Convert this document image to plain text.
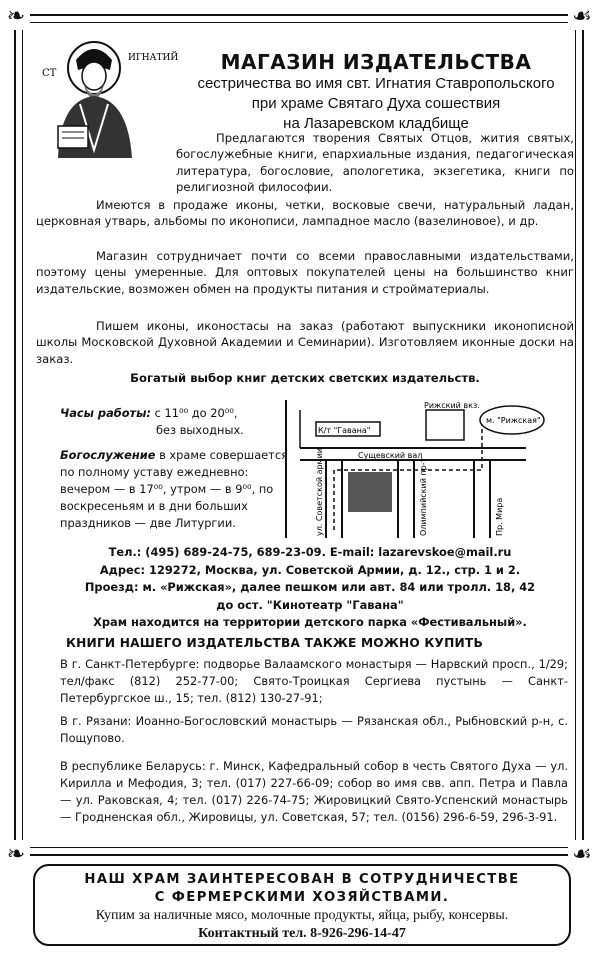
❧	☙
❧	☙
СТ
ИГНАТИЙ	МАГАЗИН ИЗДАТЕЛЬСТВА
сестричества во имя свт. Игнатия Ставропольского
при храме Святаго Духа сошествия
на Лазаревском кладбище

Предлагаются творения Святых Отцов, жития святых, богослужебные книги, епархиальные издания, педагогическая литература, богословие, апологетика, экзегетика, книги по религиозной философии.

Имеются в продаже иконы, четки, восковые свечи, натуральный ладан, церковная утварь, альбомы по иконописи, лампадное масло (вазелиновое), и др.

Магазин сотрудничает почти со всеми православными издательствами, поэтому цены умеренные. Для оптовых покупателей цены на большинство книг издательские, возможен обмен на продукты питания и стройматериалы.

Пишем иконы, иконостасы на заказ (работают выпускники иконописной школы Московской Духовной Академии и Семинарии). Изготовляем иконные доски на заказ.

Богатый выбор книг детских светских издательств.
Часы работы: с 11⁰⁰ до 20⁰⁰,
без выходных.
Богослужение в храме совершается по полному уставу ежедневно: вечером — в 17⁰⁰, утром — в 9⁰⁰, по воскресеньям и в дни больших праздников — две Литургии.
К/т "Гавана"
Рижский вкз.
м. "Рижская"
Сущевский вал
ул. Советской армии	Олимпийский пр-т	Пр. Мира
Тел.: (495) 689-24-75, 689-23-09. E-mail: lazarevskoe@mail.ru
Адрес: 129272, Москва, ул. Советской Армии, д. 12., стр. 1 и 2.
Проезд: м. «Рижская», далее пешком или авт. 84 или тролл. 18, 42
до ост. "Кинотеатр "Гавана"
Храм находится на территории детского парка «Фестивальный».
КНИГИ НАШЕГО ИЗДАТЕЛЬСТВА ТАКЖЕ МОЖНО КУПИТЬ

В г. Санкт-Петербурге: подворье Валаамского монастыря — Нарвский просп., 1/29; тел/факс (812) 252-77-00; Свято-Троицкая Сергиева пустынь — Санкт-Петербургское ш., 15; тел. (812) 130-27-91;

В г. Рязани: Иоанно-Богословский монастырь — Рязанская обл., Рыбновский р-н, с. Пощупово.

В республике Беларусь: г. Минск, Кафедральный собор в честь Святого Духа — ул. Кирилла и Мефодия, 3; тел. (017) 227-66-09; собор во имя свв. апп. Петра и Павла — ул. Раковская, 4; тел. (017) 226-74-75; Жировицкий Свято-Успенский монастырь — Гродненская обл., Жировицы, ул. Советская, 57; тел. (0156) 296-6-59, 296-3-91.

НАШ ХРАМ ЗАИНТЕРЕСОВАН В СОТРУДНИЧЕСТВЕ
С ФЕРМЕРСКИМИ ХОЗЯЙСТВАМИ.
Купим за наличные мясо, молочные продукты, яйца, рыбу, консервы.
Контактный тел. 8-926-296-14-47
